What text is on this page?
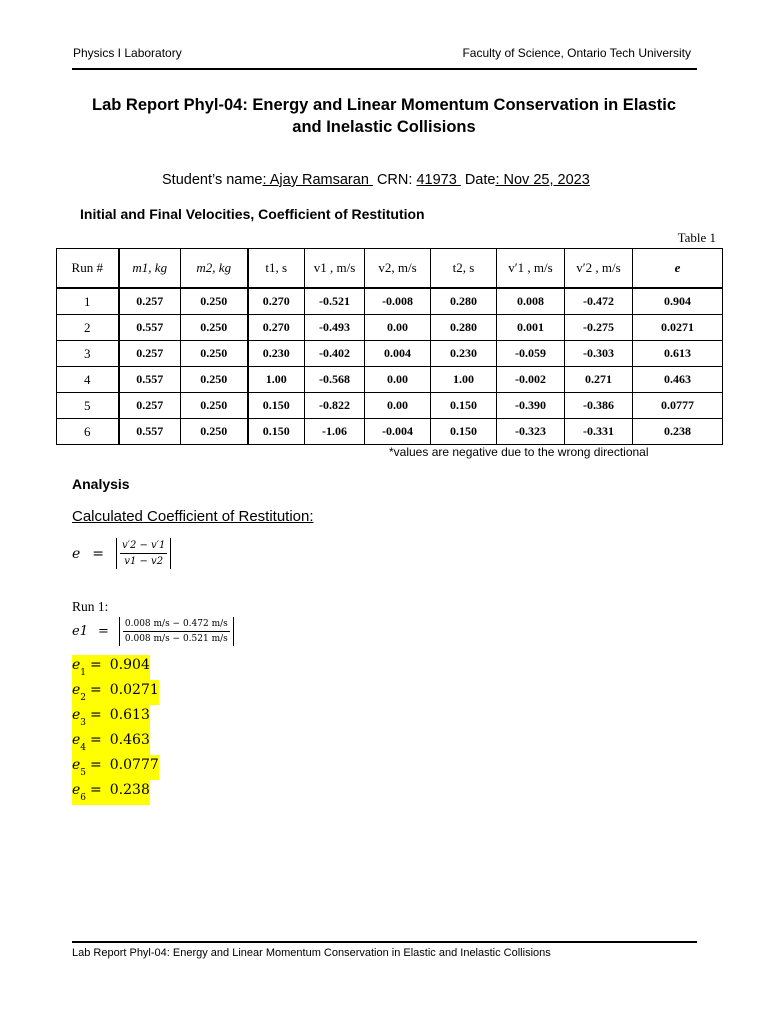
Physics I Laboratory	Faculty of Science, Ontario Tech University
Lab Report Phyl-04: Energy and Linear Momentum Conservation in Elastic
and Inelastic Collisions
Student’s name: Ajay Ramsaran  CRN: 41973  Date: Nov 25, 2023
Initial and Final Velocities, Coefficient of Restitution
Table 1
Run #	m1, kg	m2, kg	t1, s	v1 , m/s	v2, m/s	t2, s	v′1 , m/s	v′2 , m/s	e
1	0.257	0.250	0.270	-0.521	-0.008	0.280	0.008	-0.472	0.904
2	0.557	0.250	0.270	-0.493	0.00	0.280	0.001	-0.275	0.0271
3	0.257	0.250	0.230	-0.402	0.004	0.230	-0.059	-0.303	0.613
4	0.557	0.250	1.00	-0.568	0.00	1.00	-0.002	0.271	0.463
5	0.257	0.250	0.150	-0.822	0.00	0.150	-0.390	-0.386	0.0777
6	0.557	0.250	0.150	-1.06	-0.004	0.150	-0.323	-0.331	0.238
*values are negative due to the wrong directional
Analysis
Calculated Coefficient of Restitution:
$e = \frac{v'2 - v'1}{v1 - v2}$
Run 1:
$e1 = \frac{0.008 m/s - 0.472 m/s}{0.008 m/s - 0.521 m/s}$
$e_1 = 0.904$
$e_2 = 0.0271$
$e_3 = 0.613$
$e_4 = 0.463$
$e_5 = 0.0777$
$e_6 = 0.238$
Lab Report Phyl-04: Energy and Linear Momentum Conservation in Elastic and Inelastic Collisions
